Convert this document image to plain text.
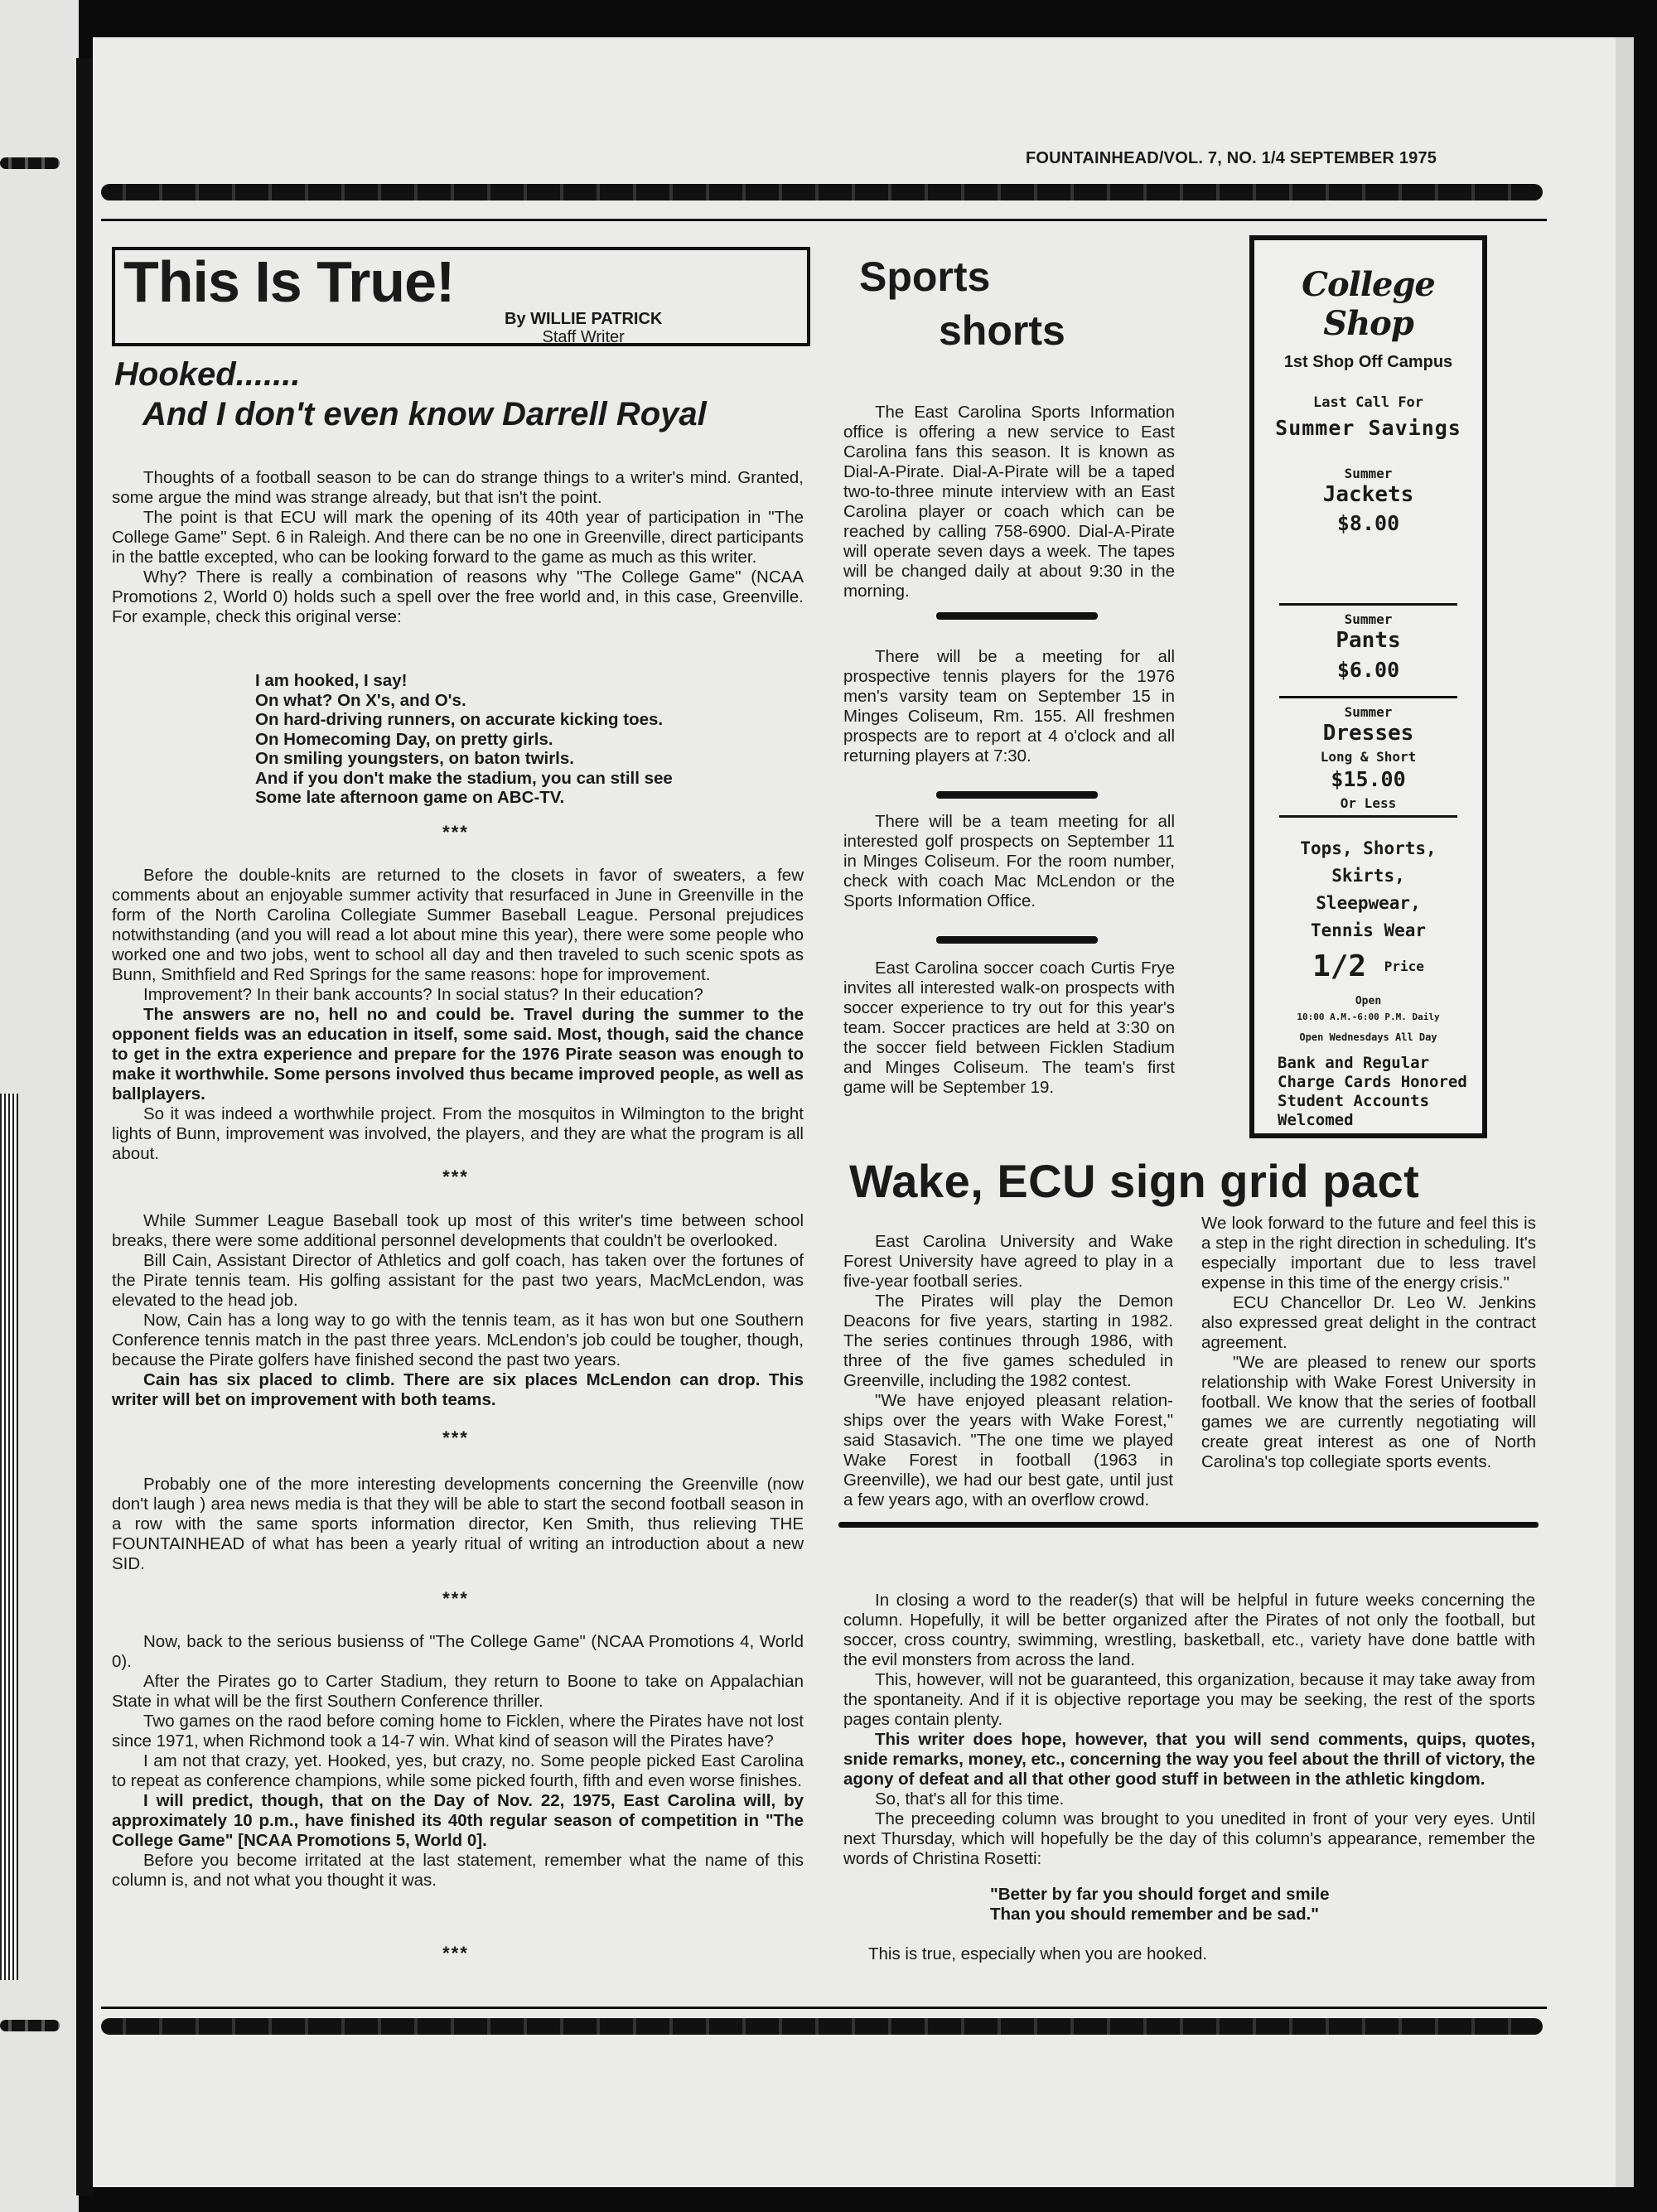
FOUNTAINHEAD/VOL. 7, NO. 1/4 SEPTEMBER 1975
This Is True!
By WILLIE PATRICK
Staff Writer
Hooked.......
And I don't even know Darrell Royal

Thoughts of a football season to be can do strange things to a writer's mind. Granted, some argue the mind was strange already, but that isn't the point.

The point is that ECU will mark the opening of its 40th year of participation in "The College Game" Sept. 6 in Raleigh. And there can be no one in Greenville, direct participants in the battle excepted, who can be looking forward to the game as much as this writer.

Why? There is really a combination of reasons why "The College Game" (NCAA Promotions 2, World 0) holds such a spell over the free world and, in this case, Greenville. For example, check this original verse:

I am hooked, I say!
On what? On X's, and O's.
On hard-driving runners, on accurate kicking toes.
On Homecoming Day, on pretty girls.
On smiling youngsters, on baton twirls.
And if you don't make the stadium, you can still see
Some late afternoon game on ABC-TV.
***

Before the double-knits are returned to the closets in favor of sweaters, a few comments about an enjoyable summer activity that resurfaced in June in Greenville in the form of the North Carolina Collegiate Summer Baseball League. Personal prejudices notwithstanding (and you will read a lot about mine this year), there were some people who worked one and two jobs, went to school all day and then traveled to such scenic spots as Bunn, Smithfield and Red Springs for the same reasons: hope for improvement.

Improvement? In their bank accounts? In social status? In their education?

The answers are no, hell no and could be. Travel during the summer to the opponent fields was an education in itself, some said. Most, though, said the chance to get in the extra experience and prepare for the 1976 Pirate season was enough to make it worthwhile. Some persons involved thus became improved people, as well as ballplayers.

So it was indeed a worthwhile project. From the mosquitos in Wilmington to the bright lights of Bunn, improvement was involved, the players, and they are what the program is all about.

***

While Summer League Baseball took up most of this writer's time between school breaks, there were some additional personnel developments that couldn't be overlooked.

Bill Cain, Assistant Director of Athletics and golf coach, has taken over the fortunes of the Pirate tennis team. His golfing assistant for the past two years, MacMcLendon, was elevated to the head job.

Now, Cain has a long way to go with the tennis team, as it has won but one Southern Conference tennis match in the past three years. McLendon's job could be tougher, though, because the Pirate golfers have finished second the past two years.

Cain has six placed to climb. There are six places McLendon can drop. This writer will bet on improvement with both teams.

***

Probably one of the more interesting developments concerning the Greenville (now don't laugh ) area news media is that they will be able to start the second football season in a row with the same sports information director, Ken Smith, thus relieving THE FOUNTAINHEAD of what has been a yearly ritual of writing an introduction about a new SID.

***

Now, back to the serious busienss of "The College Game" (NCAA Promotions 4, World 0).

After the Pirates go to Carter Stadium, they return to Boone to take on Appalachian State in what will be the first Southern Conference thriller.

Two games on the raod before coming home to Ficklen, where the Pirates have not lost since 1971, when Richmond took a 14-7 win. What kind of season will the Pirates have?

I am not that crazy, yet. Hooked, yes, but crazy, no. Some people picked East Carolina to repeat as conference champions, while some picked fourth, fifth and even worse finishes.

I will predict, though, that on the Day of Nov. 22, 1975, East Carolina will, by approximately 10 p.m., have finished its 40th regular season of competition in "The College Game" [NCAA Promotions 5, World 0].

Before you become irritated at the last statement, remember what the name of this column is, and not what you thought it was.

***
Sports
shorts

The East Carolina Sports Information office is offering a new service to East Carolina fans this season. It is known as Dial-A-Pirate. Dial-A-Pirate will be a taped two-to-three minute interview with an East Carolina player or coach which can be reached by calling 758-6900. Dial-A-Pirate will operate seven days a week. The tapes will be changed daily at about 9:30 in the morning.

There will be a meeting for all prospective tennis players for the 1976 men's varsity team on September 15 in Minges Coliseum, Rm. 155. All freshmen prospects are to report at 4 o'clock and all returning players at 7:30.

There will be a team meeting for all interested golf prospects on September 11 in Minges Coliseum. For the room number, check with coach Mac McLendon or the Sports Information Office.

East Carolina soccer coach Curtis Frye invites all interested walk-on prospects with soccer experience to try out for this year's team. Soccer practices are held at 3:30 on the soccer field between Ficklen Stadium and Minges Coliseum. The team's first game will be September 19.

College Shop
1st Shop Off Campus
Last Call For
Summer Savings
Summer
Jackets
$8.00
Summer
Pants
$6.00
Summer
Dresses
Long & Short
$15.00
Or Less
Tops, Shorts,
Skirts,
Sleepwear,
Tennis Wear
1/2 Price
Open
10:00 A.M.-6:00 P.M. Daily
Open Wednesdays All Day
Bank and Regular
Charge Cards Honored
Student Accounts
Welcomed
Wake, ECU sign grid pact

East Carolina University and Wake Forest University have agreed to play in a five-year football series.

The Pirates will play the Demon Deacons for five years, starting in 1982. The series continues through 1986, with three of the five games scheduled in Greenville, including the 1982 contest.

"We have enjoyed pleasant relation-ships over the years with Wake Forest," said Stasavich. "The one time we played Wake Forest in football (1963 in Greenville), we had our best gate, until just a few years ago, with an overflow crowd.

We look forward to the future and feel this is a step in the right direction in scheduling. It's especially important due to less travel expense in this time of the energy crisis."

ECU Chancellor Dr. Leo W. Jenkins also expressed great delight in the contract agreement.

"We are pleased to renew our sports relationship with Wake Forest University in football. We know that the series of football games we are currently negotiating will create great interest as one of North Carolina's top collegiate sports events.

In closing a word to the reader(s) that will be helpful in future weeks concerning the column. Hopefully, it will be better organized after the Pirates of not only the football, but soccer, cross country, swimming, wrestling, basketball, etc., variety have done battle with the evil monsters from across the land.

This, however, will not be guaranteed, this organization, because it may take away from the spontaneity. And if it is objective reportage you may be seeking, the rest of the sports pages contain plenty.

This writer does hope, however, that you will send comments, quips, quotes, snide remarks, money, etc., concerning the way you feel about the thrill of victory, the agony of defeat and all that other good stuff in between in the athletic kingdom.

So, that's all for this time.

The preceeding column was brought to you unedited in front of your very eyes. Until next Thursday, which will hopefully be the day of this column's appearance, remember the words of Christina Rosetti:

"Better by far you should forget and smile
Than you should remember and be sad."
This is true, especially when you are hooked.
